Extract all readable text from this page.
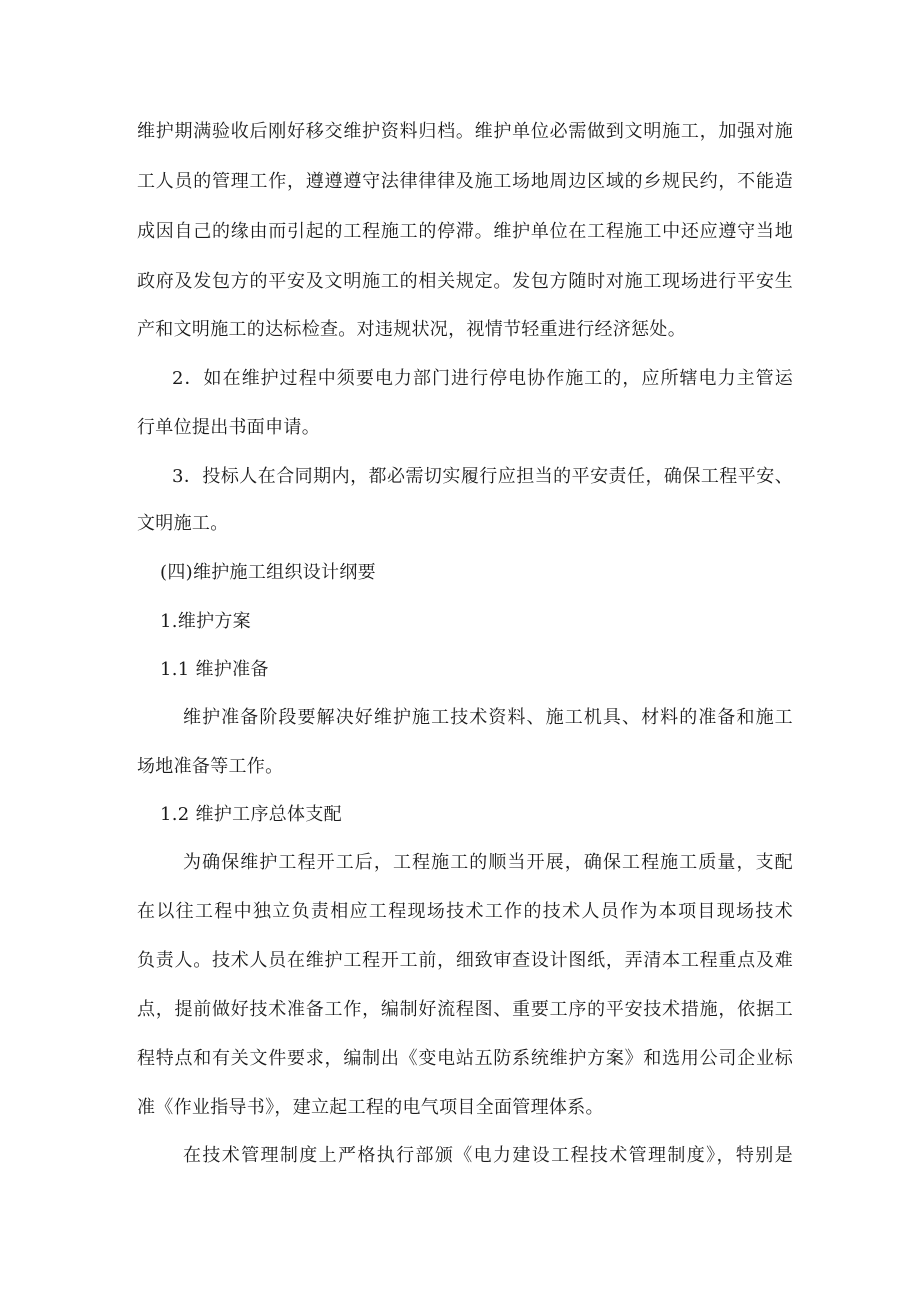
维护期满验收后刚好移交维护资料归档。维护单位必需做到文明施工，加强对施
工人员的管理工作，遵遵遵守法律律律及施工场地周边区域的乡规民约，不能造
成因自己的缘由而引起的工程施工的停滞。维护单位在工程施工中还应遵守当地
政府及发包方的平安及文明施工的相关规定。发包方随时对施工现场进行平安生
产和文明施工的达标检查。对违规状况，视情节轻重进行经济惩处。
2．如在维护过程中须要电力部门进行停电协作施工的，应所辖电力主管运
行单位提出书面申请。
3．投标人在合同期内，都必需切实履行应担当的平安责任，确保工程平安、
文明施工。
(四)维护施工组织设计纲要
1.维护方案
1.1 维护准备
维护准备阶段要解决好维护施工技术资料、施工机具、材料的准备和施工
场地准备等工作。
1.2 维护工序总体支配
为确保维护工程开工后，工程施工的顺当开展，确保工程施工质量，支配
在以往工程中独立负责相应工程现场技术工作的技术人员作为本项目现场技术
负责人。技术人员在维护工程开工前，细致审查设计图纸，弄清本工程重点及难
点，提前做好技术准备工作，编制好流程图、重要工序的平安技术措施，依据工
程特点和有关文件要求，编制出《变电站五防系统维护方案》和选用公司企业标
准《作业指导书》，建立起工程的电气项目全面管理体系。
在技术管理制度上严格执行部颁《电力建设工程技术管理制度》，特别是
